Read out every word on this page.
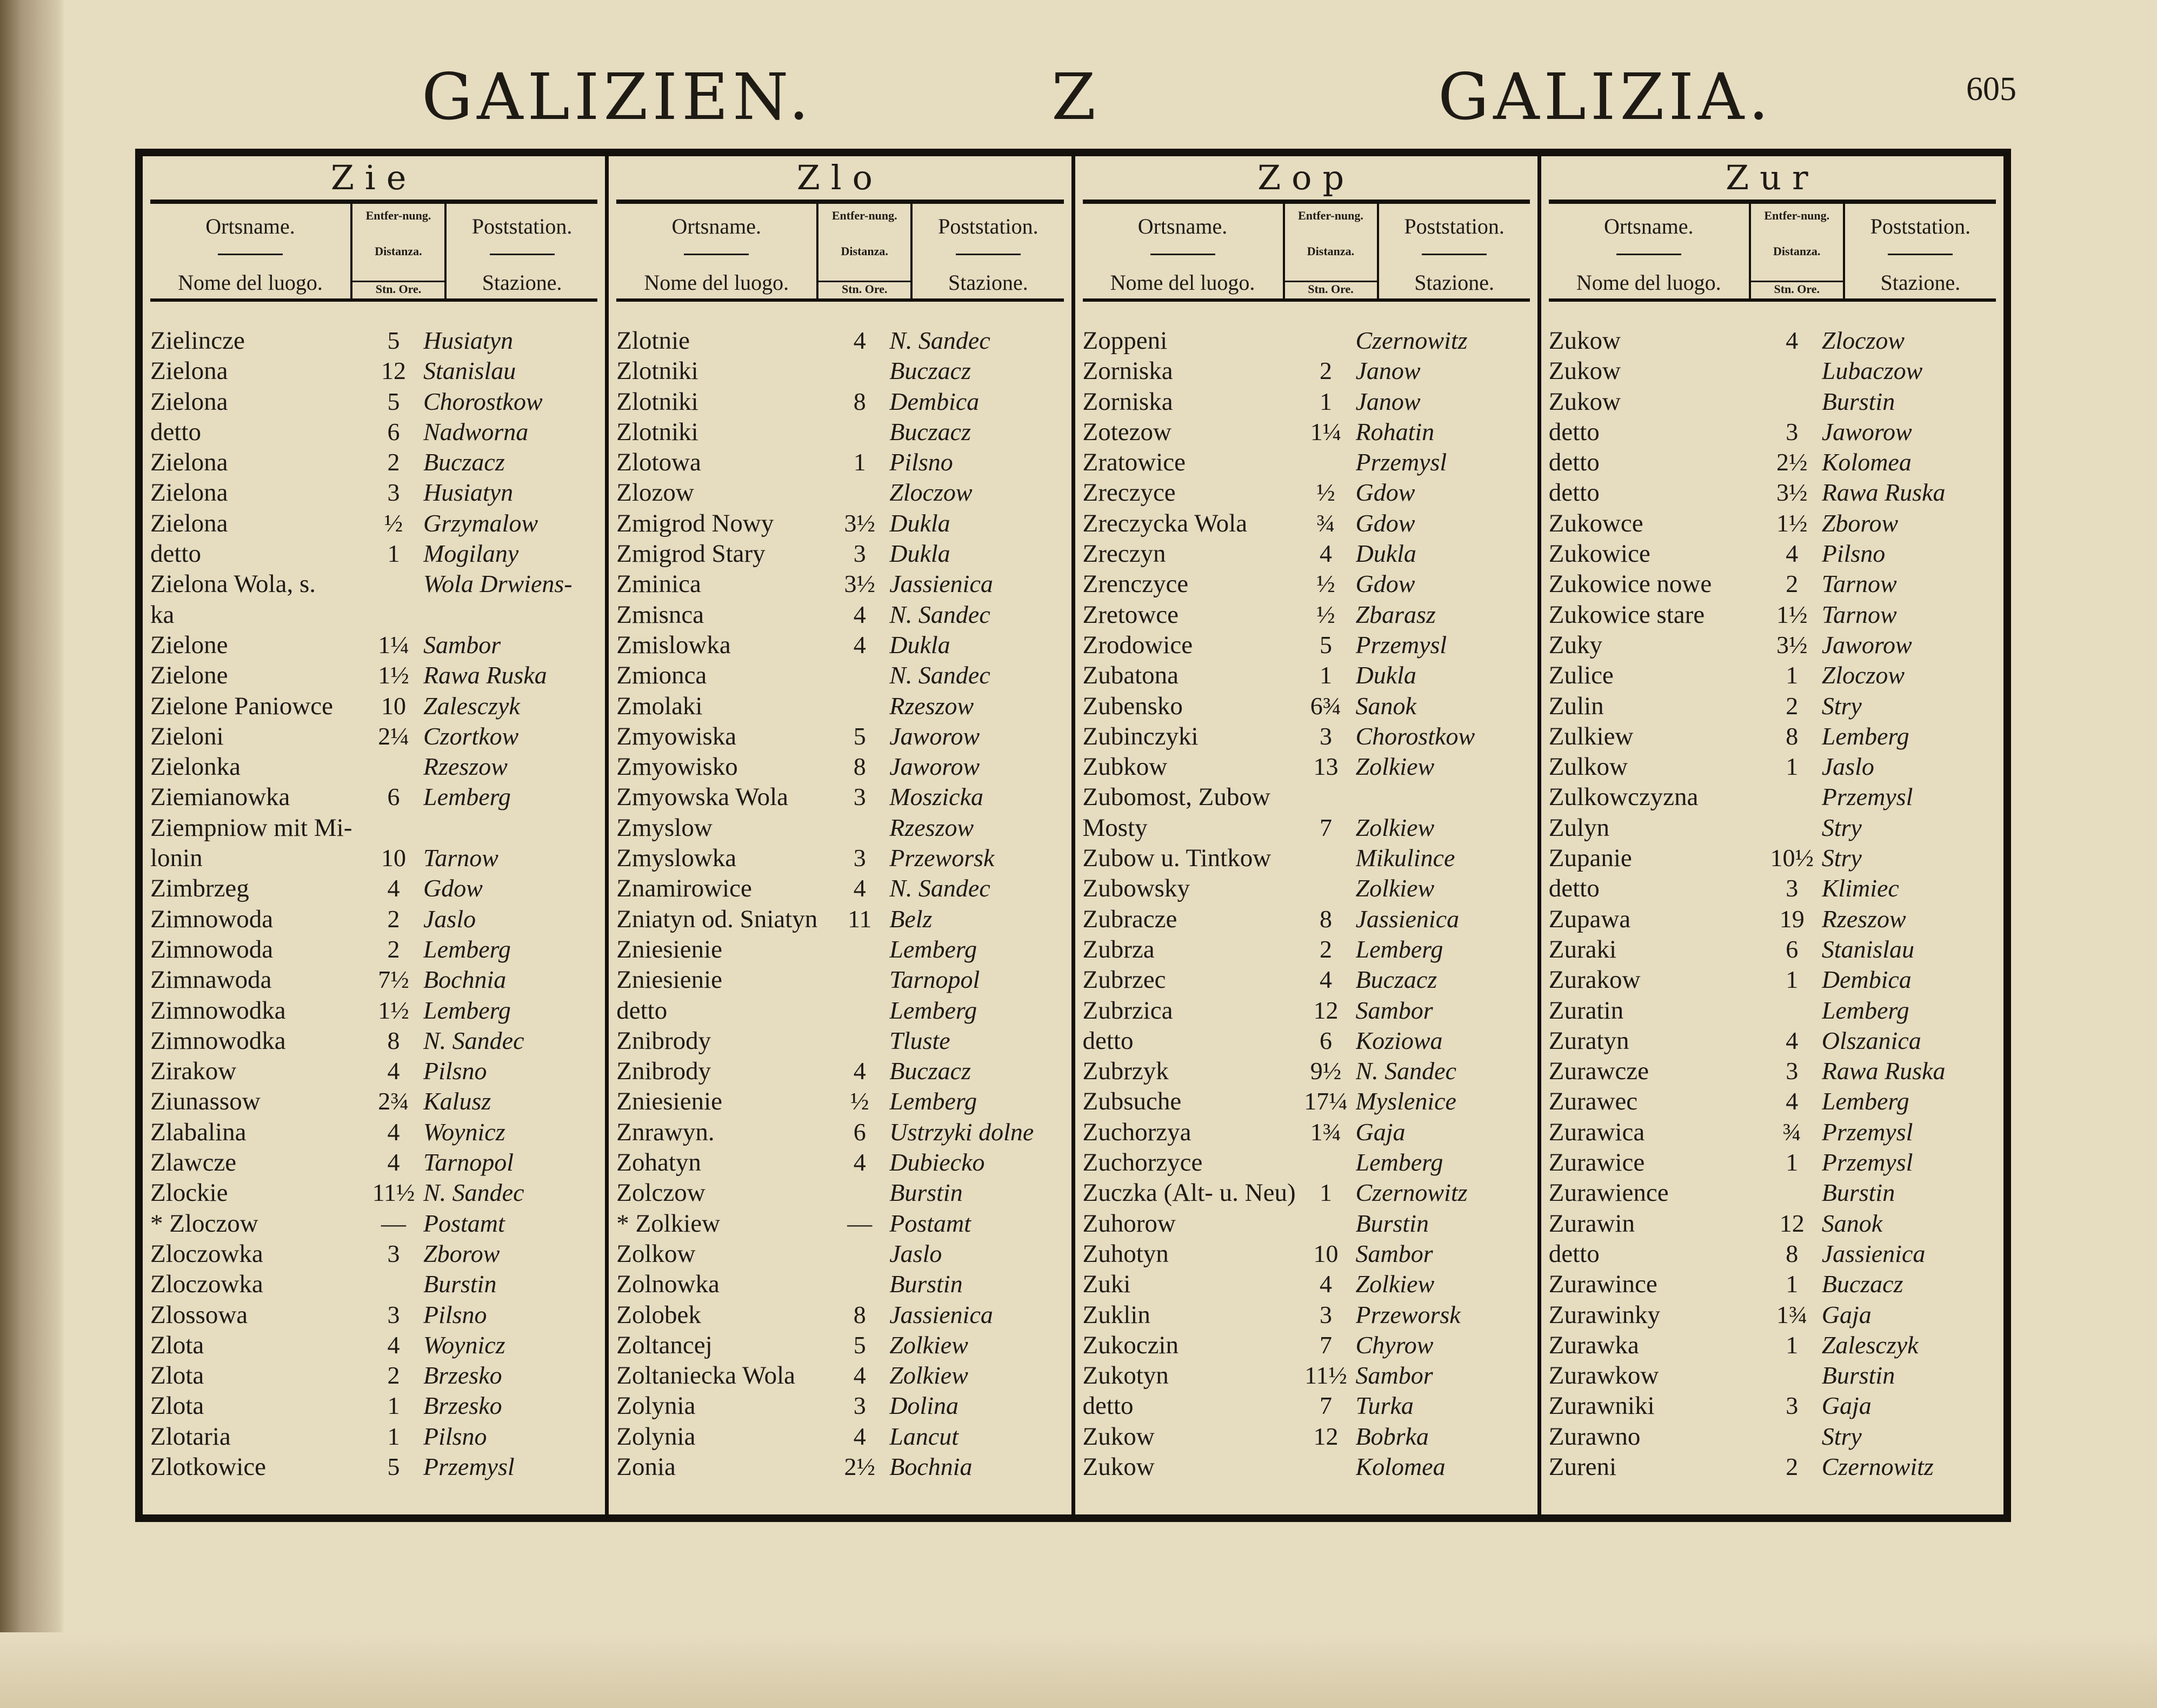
GALIZIEN.	Z	GALIZIA.	605
Zie
Ortsname.
Nome del luogo.
Entfer-nung.
Distanza.
Stn. Ore.
Poststation.
Stazione.
Zielincze	5 Husiatyn
Zielona	12 Stanislau
Zielona	5 Chorostkow
detto	6 Nadworna
Zielona	2 Buczacz
Zielona	3 Husiatyn
Zielona	½ Grzymalow
detto	1 Mogilany
Zielona Wola, s.	Wola Drwiens-
ka
Zielone	1¼ Sambor
Zielone	1½ Rawa Ruska
Zielone Paniowce	10 Zalesczyk
Zieloni	2¼ Czortkow
Zielonka	Rzeszow
Ziemianowka	6 Lemberg
Ziempniow mit Mi-
lonin	10 Tarnow
Zimbrzeg	4 Gdow
Zimnowoda	2 Jaslo
Zimnowoda	2 Lemberg
Zimnawoda	7½ Bochnia
Zimnowodka	1½ Lemberg
Zimnowodka	8 N. Sandec
Zirakow	4 Pilsno
Ziunassow	2¾ Kalusz
Zlabalina	4 Woynicz
Zlawcze	4 Tarnopol
Zlockie	11½ N. Sandec
* Zloczow	— Postamt
Zloczowka	3 Zborow
Zloczowka	Burstin
Zlossowa	3 Pilsno
Zlota	4 Woynicz
Zlota	2 Brzesko
Zlota	1 Brzesko
Zlotaria	1 Pilsno
Zlotkowice	5 Przemysl
Zlo
Ortsname.
Nome del luogo.
Entfer-nung.
Distanza.
Stn. Ore.
Poststation.
Stazione.
Zlotnie	4 N. Sandec
Zlotniki	Buczacz
Zlotniki	8 Dembica
Zlotniki	Buczacz
Zlotowa	1 Pilsno
Zlozow	Zloczow
Zmigrod Nowy	3½ Dukla
Zmigrod Stary	3 Dukla
Zminica	3½ Jassienica
Zmisnca	4 N. Sandec
Zmislowka	4 Dukla
Zmionca	N. Sandec
Zmolaki	Rzeszow
Zmyowiska	5 Jaworow
Zmyowisko	8 Jaworow
Zmyowska Wola	3 Moszicka
Zmyslow	Rzeszow
Zmyslowka	3 Przeworsk
Znamirowice	4 N. Sandec
Zniatyn od. Sniatyn	11 Belz
Zniesienie	Lemberg
Zniesienie	Tarnopol
detto	Lemberg
Znibrody	Tluste
Znibrody	4 Buczacz
Zniesienie	½ Lemberg
Znrawyn.	6 Ustrzyki dolne
Zohatyn	4 Dubiecko
Zolczow	Burstin
* Zolkiew	— Postamt
Zolkow	Jaslo
Zolnowka	Burstin
Zolobek	8 Jassienica
Zoltancej	5 Zolkiew
Zoltaniecka Wola	4 Zolkiew
Zolynia	3 Dolina
Zolynia	4 Lancut
Zonia	2½ Bochnia
Zop
Ortsname.
Nome del luogo.
Entfer-nung.
Distanza.
Stn. Ore.
Poststation.
Stazione.
Zoppeni	Czernowitz
Zorniska	2 Janow
Zorniska	1 Janow
Zotezow	1¼ Rohatin
Zratowice	Przemysl
Zreczyce	½ Gdow
Zreczycka Wola	¾ Gdow
Zreczyn	4 Dukla
Zrenczyce	½ Gdow
Zretowce	½ Zbarasz
Zrodowice	5 Przemysl
Zubatona	1 Dukla
Zubensko	6¾ Sanok
Zubinczyki	3 Chorostkow
Zubkow	13 Zolkiew
Zubomost, Zubow
Mosty	7 Zolkiew
Zubow u. Tintkow	Mikulince
Zubowsky	Zolkiew
Zubracze	8 Jassienica
Zubrza	2 Lemberg
Zubrzec	4 Buczacz
Zubrzica	12 Sambor
detto	6 Koziowa
Zubrzyk	9½ N. Sandec
Zubsuche	17¼ Myslenice
Zuchorzya	1¾ Gaja
Zuchorzyce	Lemberg
Zuczka (Alt- u. Neu) 1 Czernowitz
Zuhorow	Burstin
Zuhotyn	10 Sambor
Zuki	4 Zolkiew
Zuklin	3 Przeworsk
Zukoczin	7 Chyrow
Zukotyn	11½ Sambor
detto	7 Turka
Zukow	12 Bobrka
Zukow	Kolomea
Zur
Ortsname.
Nome del luogo.
Entfer-nung.
Distanza.
Stn. Ore.
Poststation.
Stazione.
Zukow	4 Zloczow
Zukow	Lubaczow
Zukow	Burstin
detto	3 Jaworow
detto	2½ Kolomea
detto	3½ Rawa Ruska
Zukowce	1½ Zborow
Zukowice	4 Pilsno
Zukowice nowe	2 Tarnow
Zukowice stare	1½ Tarnow
Zuky	3½ Jaworow
Zulice	1 Zloczow
Zulin	2 Stry
Zulkiew	8 Lemberg
Zulkow	1 Jaslo
Zulkowczyzna	Przemysl
Zulyn	Stry
Zupanie	10½ Stry
detto	3 Klimiec
Zupawa	19 Rzeszow
Zuraki	6 Stanislau
Zurakow	1 Dembica
Zuratin	Lemberg
Zuratyn	4 Olszanica
Zurawcze	3 Rawa Ruska
Zurawec	4 Lemberg
Zurawica	¾ Przemysl
Zurawice	1 Przemysl
Zurawience	Burstin
Zurawin	12 Sanok
detto	8 Jassienica
Zurawince	1 Buczacz
Zurawinky	1¾ Gaja
Zurawka	1 Zalesczyk
Zurawkow	Burstin
Zurawniki	3 Gaja
Zurawno	Stry
Zureni	2 Czernowitz
